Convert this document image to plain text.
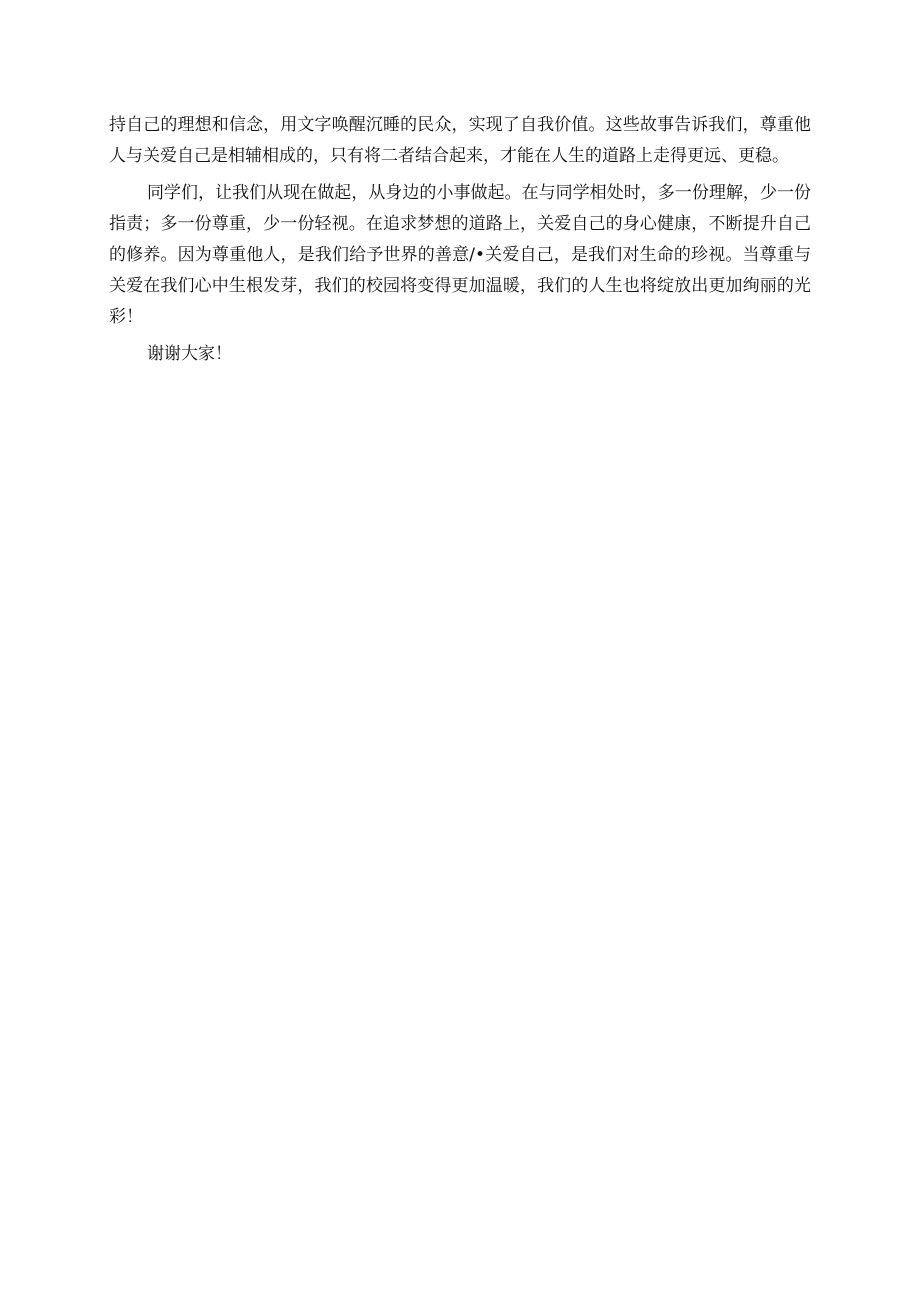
持自己的理想和信念，用文字唤醒沉睡的民众，实现了自我价值。这些故事告诉我们，尊重他人与关爱自己是相辅相成的，只有将二者结合起来，才能在人生的道路上走得更远、更稳。

同学们，让我们从现在做起，从身边的小事做起。在与同学相处时，多一份理解，少一份指责；多一份尊重，少一份轻视。在追求梦想的道路上，关爱自己的身心健康，不断提升自己的修养。因为尊重他人，是我们给予世界的善意/•关爱自己，是我们对生命的珍视。当尊重与关爱在我们心中生根发芽，我们的校园将变得更加温暖，我们的人生也将绽放出更加绚丽的光彩！

谢谢大家！
